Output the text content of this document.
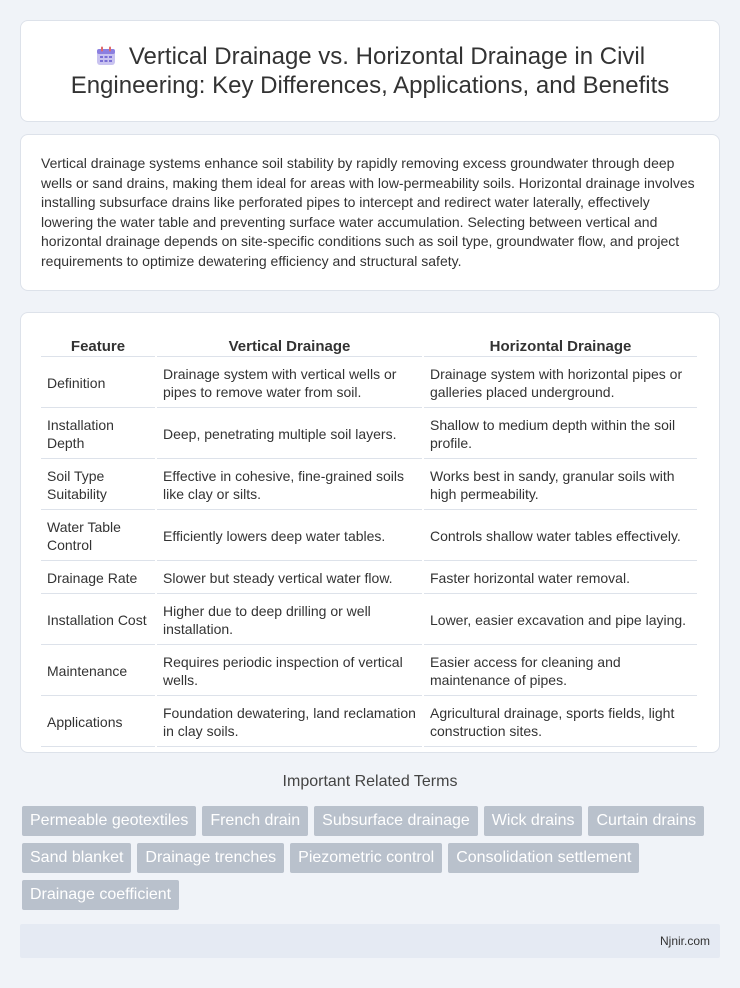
Vertical Drainage vs. Horizontal Drainage in Civil Engineering: Key Differences, Applications, and Benefits

Vertical drainage systems enhance soil stability by rapidly removing excess groundwater through deep wells or sand drains, making them ideal for areas with low-permeability soils. Horizontal drainage involves installing subsurface drains like perforated pipes to intercept and redirect water laterally, effectively lowering the water table and preventing surface water accumulation. Selecting between vertical and horizontal drainage depends on site-specific conditions such as soil type, groundwater flow, and project requirements to optimize dewatering efficiency and structural safety.

Feature	Vertical Drainage	Horizontal Drainage
Definition	Drainage system with vertical wells or pipes to remove water from soil.	Drainage system with horizontal pipes or galleries placed underground.
Installation Depth	Deep, penetrating multiple soil layers.	Shallow to medium depth within the soil profile.
Soil Type Suitability	Effective in cohesive, fine-grained soils like clay or silts.	Works best in sandy, granular soils with high permeability.
Water Table Control	Efficiently lowers deep water tables.	Controls shallow water tables effectively.
Drainage Rate	Slower but steady vertical water flow.	Faster horizontal water removal.
Installation Cost	Higher due to deep drilling or well installation.	Lower, easier excavation and pipe laying.
Maintenance	Requires periodic inspection of vertical wells.	Easier access for cleaning and maintenance of pipes.
Applications	Foundation dewatering, land reclamation in clay soils.	Agricultural drainage, sports fields, light construction sites.
Important Related Terms
Permeable geotextiles	French drain	Subsurface drainage	Wick drains	Curtain drains
Sand blanket	Drainage trenches	Piezometric control	Consolidation settlement
Drainage coefficient
Njnir.com
